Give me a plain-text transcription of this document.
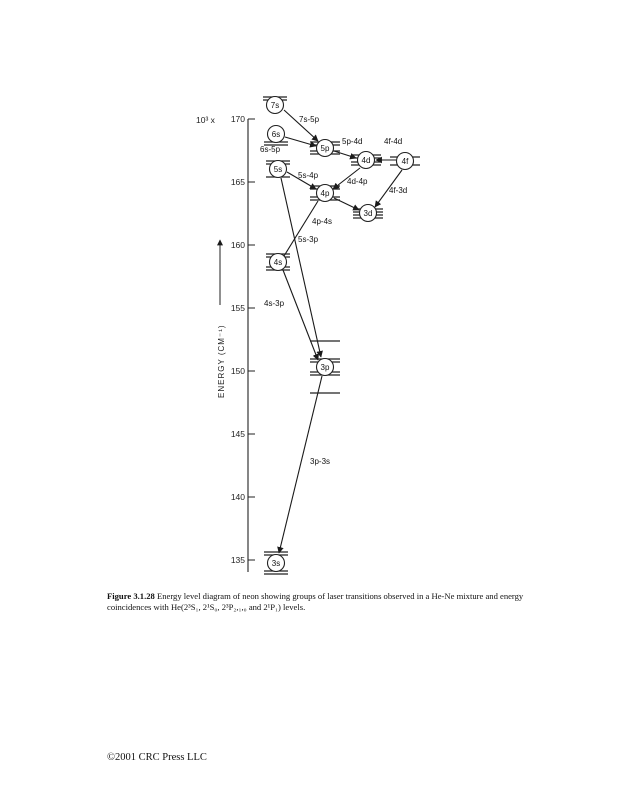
10³ x 170
165
160
155
150
145
140
135
ENERGY (CM⁻¹)
7s
6s
5s
4s
5p
4d	4f
4p
3d
3p
3s
7s-5p
6s-5p
5p-4d	4f-4d
5s-4p
4d-4p
4f-3d
4p-4s
5s-3p
4s-3p
3p-3s
Figure 3.1.28 Energy level diagram of neon showing groups of laser transitions observed in a He-Ne mixture and energy coincidences with He(2³S₁, 2¹S₀, 2³P₂,₁,₀ and 2¹P₁) levels.
©2001 CRC Press LLC
